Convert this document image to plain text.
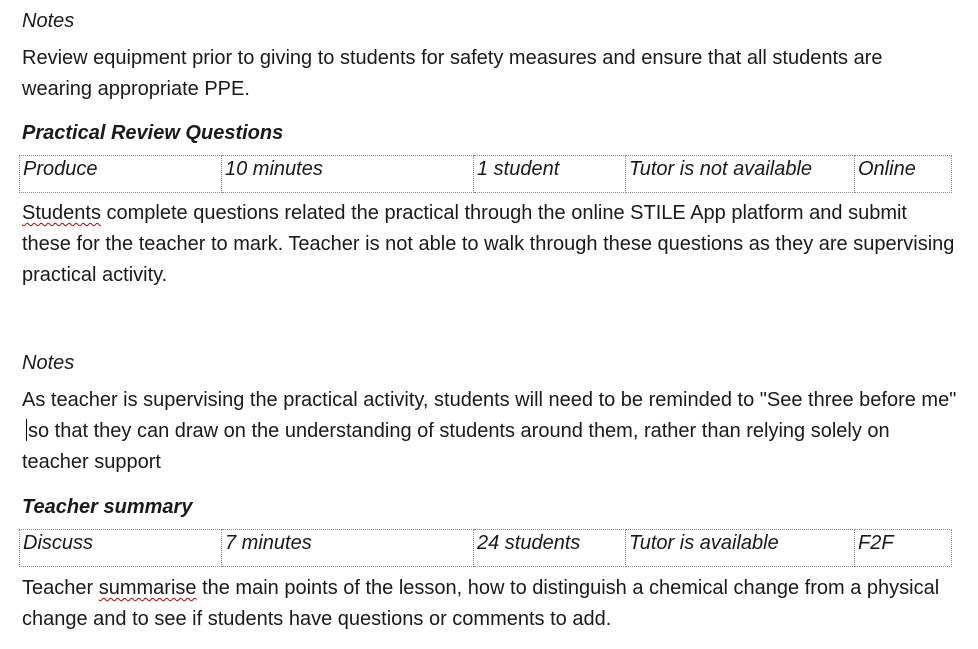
Notes
Review equipment prior to giving to students for safety measures and ensure that all students are wearing appropriate PPE.
Practical Review Questions
Produce	10 minutes	1 student	Tutor is not available	Online
Students complete questions related the practical through the online STILE App platform and submit these for the teacher to mark. Teacher is not able to walk through these questions as they are supervising practical activity.
Notes
As teacher is supervising the practical activity, students will need to be reminded to "See three before me"so that they can draw on the understanding of students around them, rather than relying solely on teacher support
Teacher summary
Discuss	7 minutes	24 students	Tutor is available	F2F
Teacher summarise the main points of the lesson, how to distinguish a chemical change from a physical change and to see if students have questions or comments to add.
